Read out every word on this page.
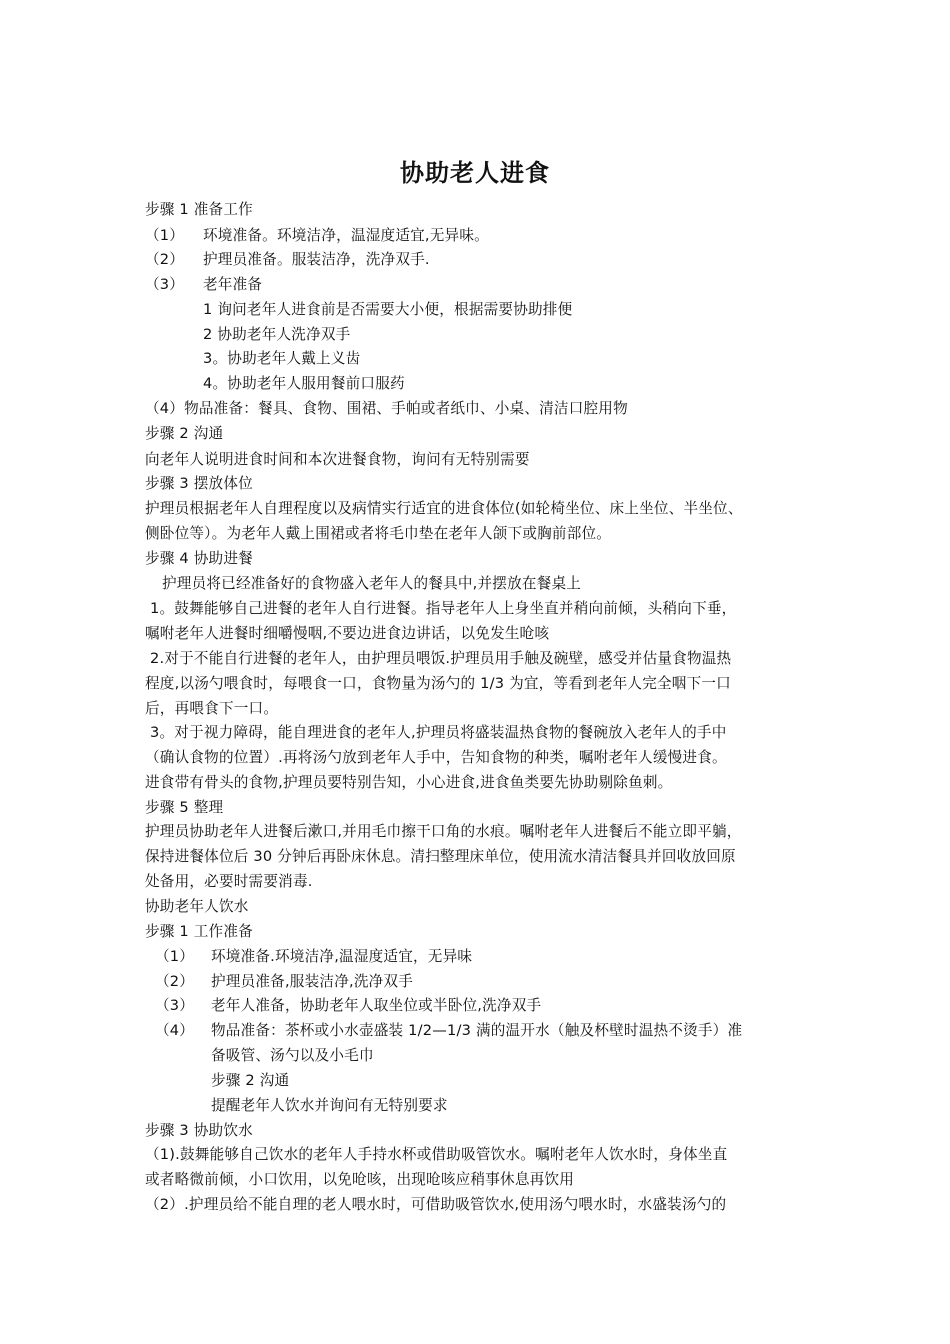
协助老人进食
步骤 1 准备工作
（1） 环境准备。环境洁净，温湿度适宜,无异味。
（2） 护理员准备。服装洁净，洗净双手.
（3） 老年准备
1 询问老年人进食前是否需要大小便，根据需要协助排便
2 协助老年人洗净双手
3。协助老年人戴上义齿
4。协助老年人服用餐前口服药
（4）物品准备：餐具、食物、围裙、手帕或者纸巾、小桌、清洁口腔用物
步骤 2 沟通
向老年人说明进食时间和本次进餐食物，询问有无特别需要
步骤 3 摆放体位
护理员根据老年人自理程度以及病情实行适宜的进食体位(如轮椅坐位、床上坐位、半坐位、
侧卧位等）。为老年人戴上围裙或者将毛巾垫在老年人颌下或胸前部位。
步骤 4 协助进餐
护理员将已经准备好的食物盛入老年人的餐具中,并摆放在餐桌上
1。鼓舞能够自己进餐的老年人自行进餐。指导老年人上身坐直并稍向前倾，头稍向下垂，
嘱咐老年人进餐时细嚼慢咽,不要边进食边讲话，以免发生呛咳
2.对于不能自行进餐的老年人，由护理员喂饭.护理员用手触及碗壁，感受并估量食物温热
程度,以汤勺喂食时，每喂食一口，食物量为汤勺的 1/3 为宜，等看到老年人完全咽下一口
后，再喂食下一口。
3。对于视力障碍，能自理进食的老年人,护理员将盛装温热食物的餐碗放入老年人的手中
（确认食物的位置）.再将汤勺放到老年人手中，告知食物的种类，嘱咐老年人缓慢进食。
进食带有骨头的食物,护理员要特别告知，小心进食,进食鱼类要先协助剔除鱼刺。
步骤 5 整理
护理员协助老年人进餐后漱口,并用毛巾擦干口角的水痕。嘱咐老年人进餐后不能立即平躺，
保持进餐体位后 30 分钟后再卧床休息。清扫整理床单位，使用流水清洁餐具并回收放回原
处备用，必要时需要消毒.
协助老年人饮水
步骤 1 工作准备
（1） 环境准备.环境洁净,温湿度适宜，无异味
（2） 护理员准备,服装洁净,洗净双手
（3） 老年人准备，协助老年人取坐位或半卧位,洗净双手
（4） 物品准备：茶杯或小水壶盛装 1/2—1/3 满的温开水（触及杯壁时温热不烫手）准
备吸管、汤勺以及小毛巾
步骤 2 沟通
提醒老年人饮水并询问有无特别要求
步骤 3 协助饮水
（1).鼓舞能够自己饮水的老年人手持水杯或借助吸管饮水。嘱咐老年人饮水时，身体坐直
或者略微前倾，小口饮用，以免呛咳，出现呛咳应稍事休息再饮用
（2）.护理员给不能自理的老人喂水时，可借助吸管饮水,使用汤勺喂水时，水盛装汤勺的
